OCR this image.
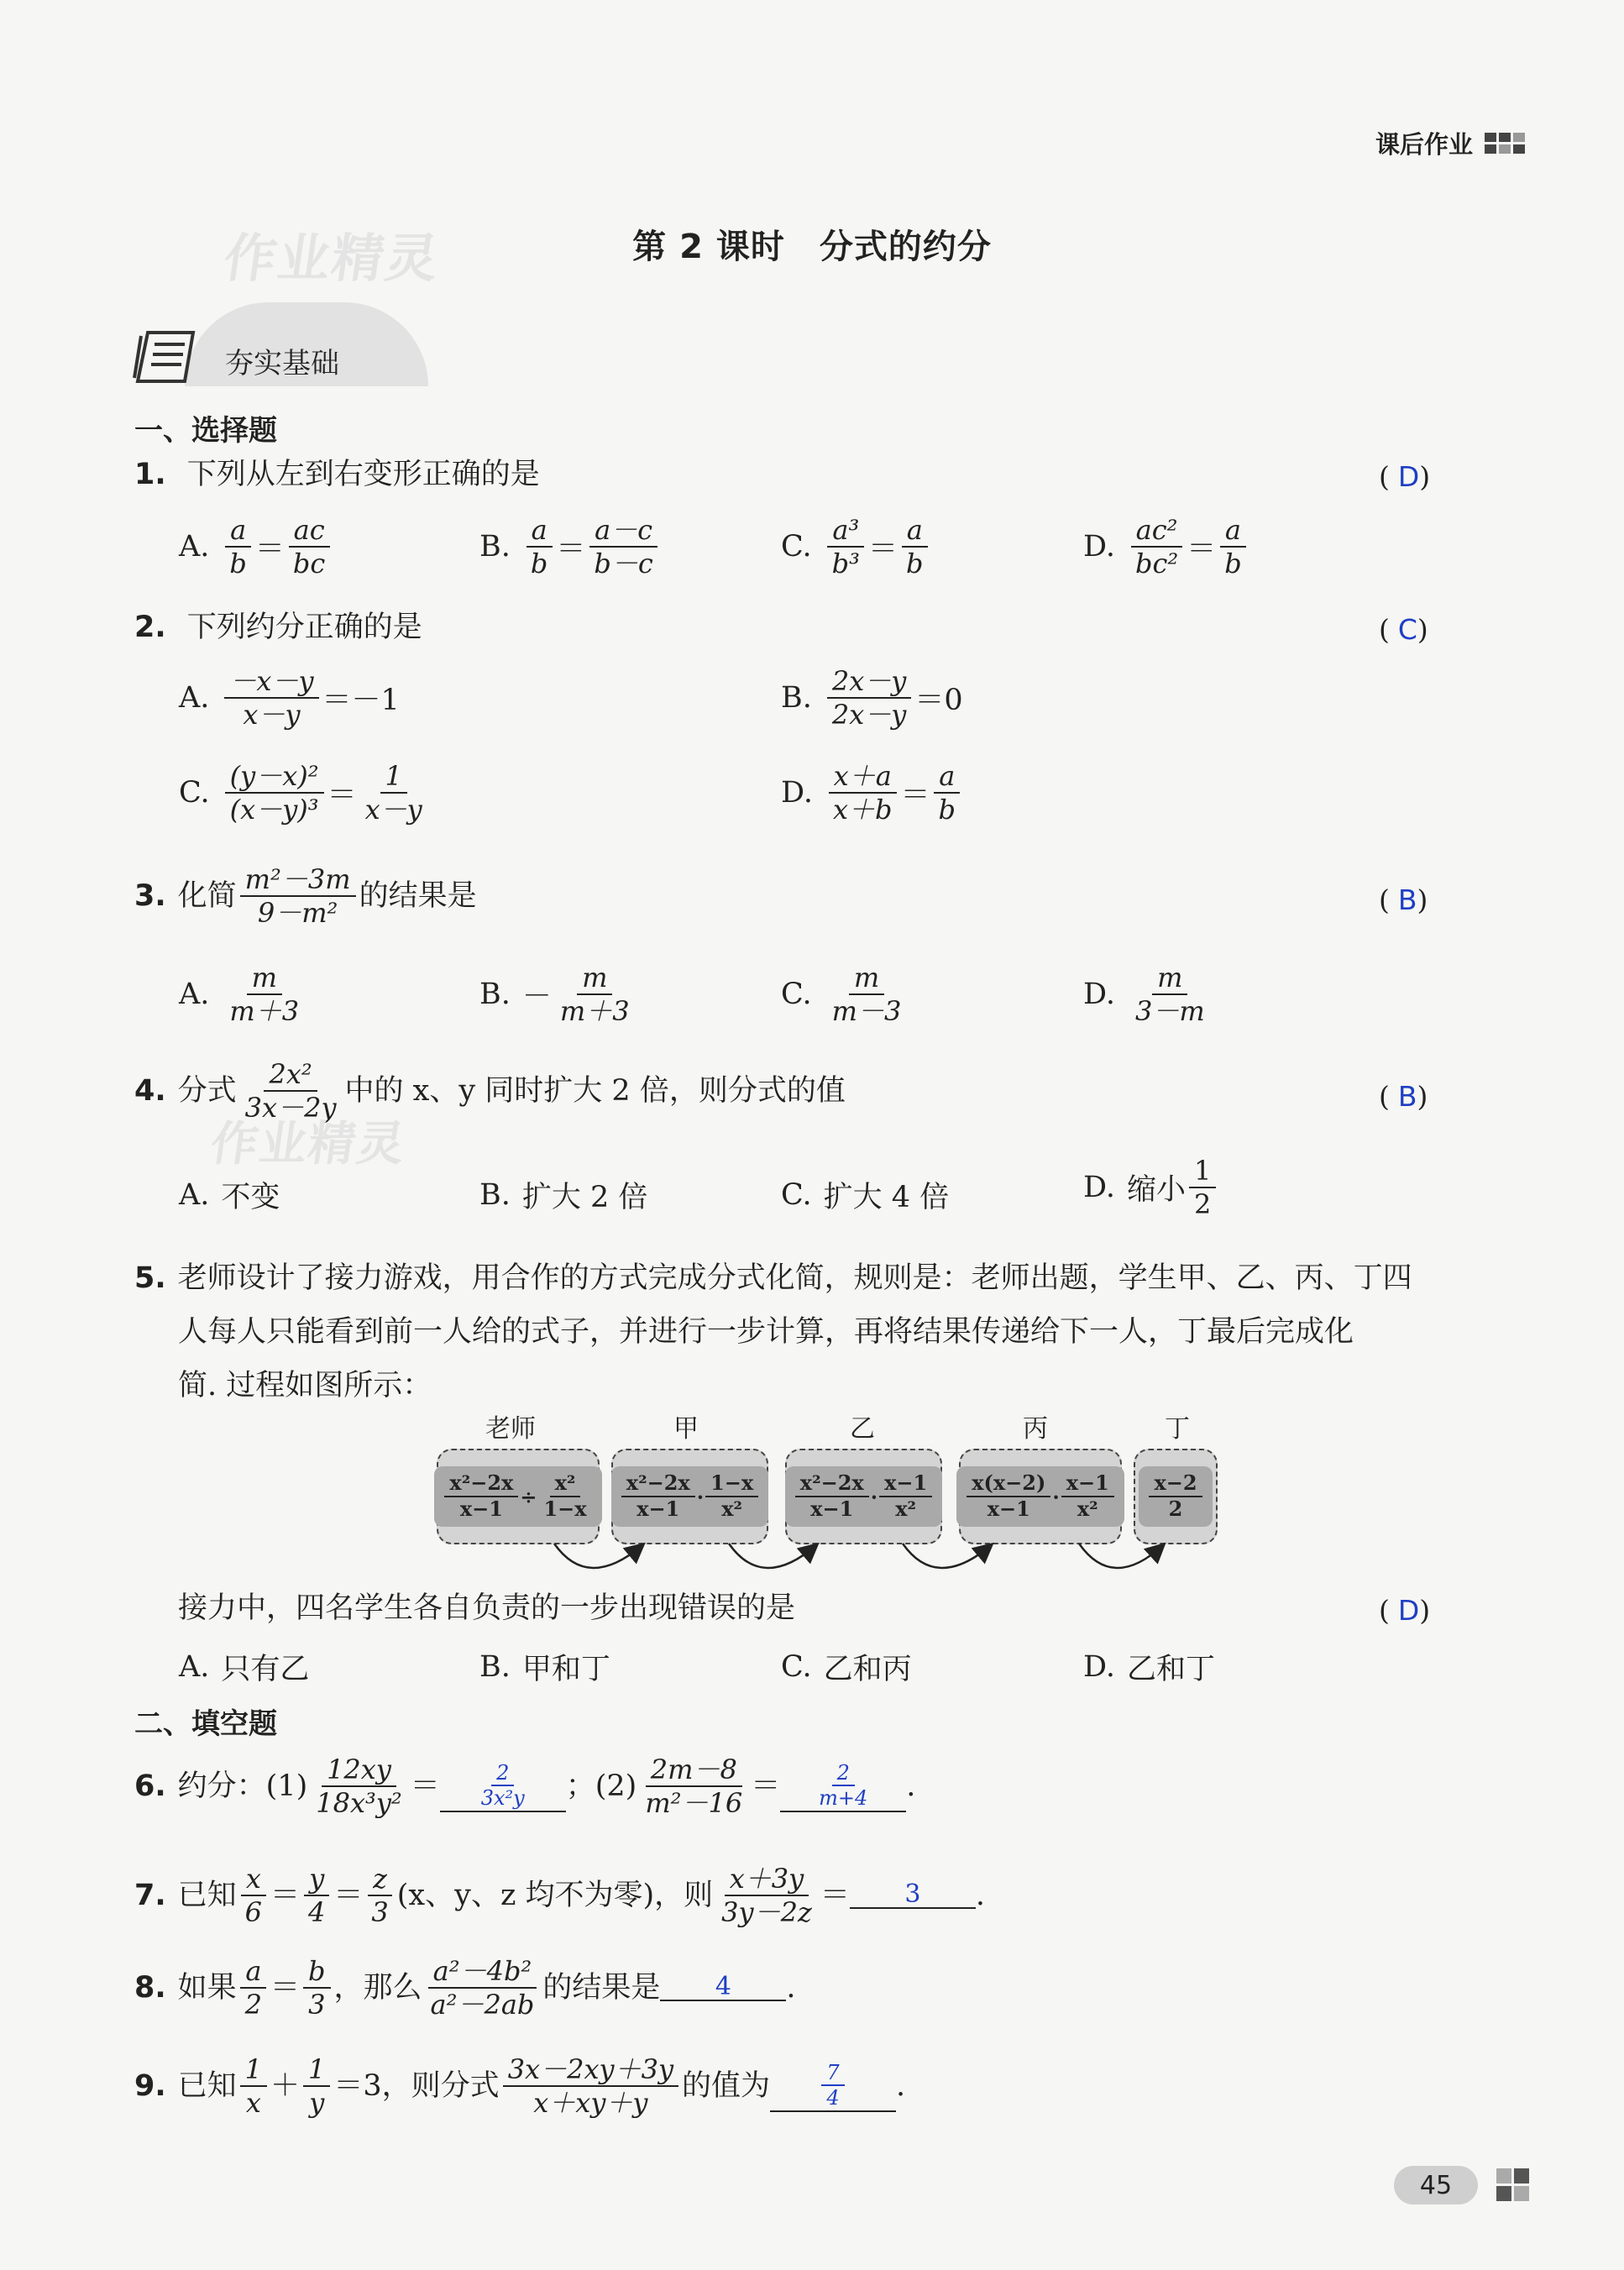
课后作业
作业精灵	第 2 课时　分式的约分
夯实基础
一、选择题
1. 下列从左到右变形正确的是	(D)
A. $\frac{a}{b} = \frac{ac}{bc}$	B. $\frac{a}{b} = \frac{a-c}{b-c}$	C. $\frac{\text{a³}}{\text{b³}} = \frac{a}{b}$	D. $\frac{\text{ac²}}{\text{bc²}} = \frac{a}{b}$
2. 下列约分正确的是	(C)
A. $\frac{-x-y}{x-y} =-1$	B. $\frac{2x-y}{2x-y} =0$
C. $\frac{\text{(y－x)²}}{\text{(x－y)³}} = \frac{1}{x-y}$	D. $\frac{x+a}{x+b} = \frac{a}{b}$
3. 化简 $\frac{\text{m²－3m}}{\text{9－m²}}$ 的结果是	(B)
A. $\frac{m}{m+3}$	B. － $\frac{m}{m+3}$	C. $\frac{m}{m-3}$	D. $\frac{m}{3-m}$
4. 分式 $\frac{\text{2x²}}{3x-2y}$ 中的 x、y 同时扩大 2 倍，则分式的值	(B)
作业精灵
A. 不变	B. 扩大 2 倍	C. 扩大 4 倍	D. 缩小 $\frac{1}{2}$
5. 老师设计了接力游戏，用合作的方式完成分式化简，规则是：老师出题，学生甲、乙、丙、丁四
人每人只能看到前一人给的式子，并进行一步计算，再将结果传递给下一人，丁最后完成化
简. 过程如图所示：
老师	甲	乙	丙	丁
$\frac{\text{x²−2x}}{x-1} \div \frac{\text{x²}}{1-x} \frac{\text{x²−2x}}{x-1} \cdot \frac{1-x}{\text{x²}} \frac{\text{x²−2x}}{x-1} \cdot \frac{x-1}{\text{x²}} \frac{x(x-2)}{x-1} \cdot \frac{x-1}{\text{x²}} \frac{x-2}{2}$
接力中，四名学生各自负责的一步出现错误的是	(D)
A. 只有乙	B. 甲和丁	C. 乙和丙	D. 乙和丁
二、填空题
6. 约分：$(1) \frac{12xy}{\text{18x³y²}} = \frac{2}{\text{3x²y}}$ ；$(2) \frac{2m-8}{\text{m²－16}} = \frac{2}{m+4}$ .
7. 已知 $\frac{x}{6} = \frac{y}{4} = \frac{z}{3} (x$、y、z 均不为零)，则 $\frac{x+3y}{3y-2z}$ ＝	3	.
8. 如果 $\frac{a}{2} = \frac{b}{3}$ ，那么 $\frac{\text{a²－4b²}}{\text{a²－2ab}}$ 的结果是	4	.
9. 已知 $\frac{1}{x} + \frac{1}{y} =3$，则分式 $\frac{3x-2xy+3y}{x+xy+y}$ 的值为	$\frac{7}{4}$ .
45
